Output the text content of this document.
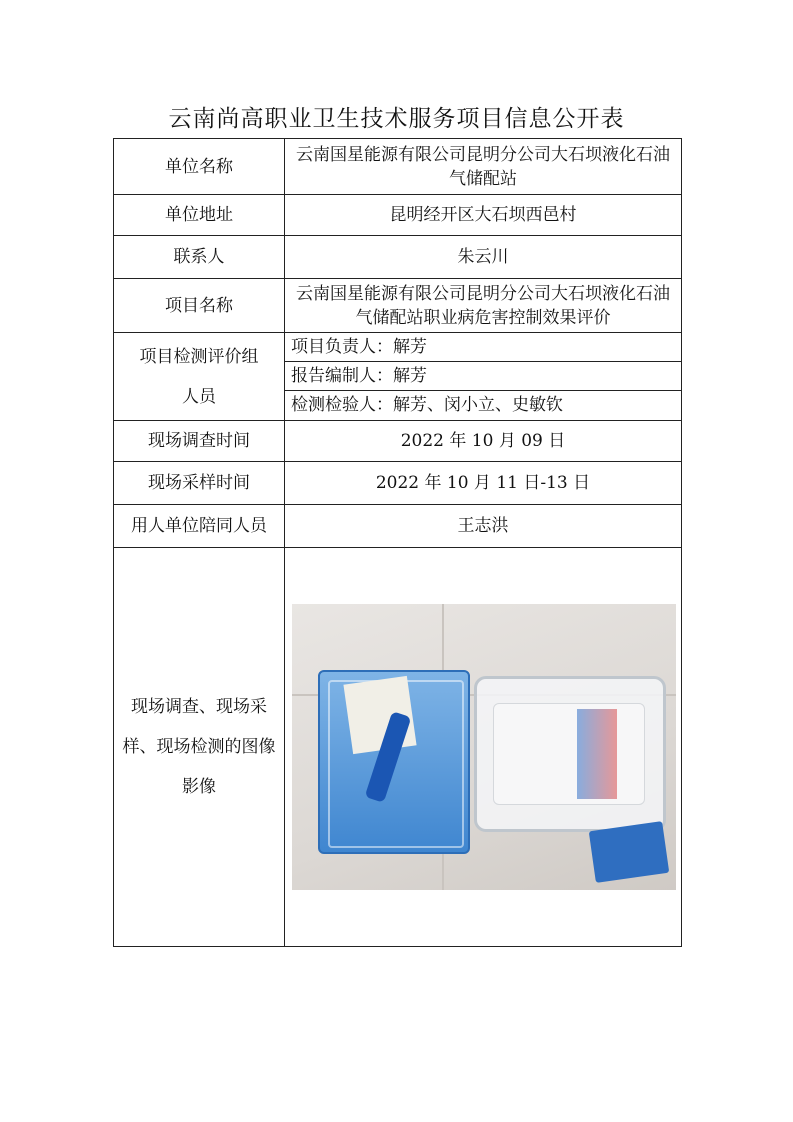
云南尚高职业卫生技术服务项目信息公开表
单位名称	云南国星能源有限公司昆明分公司大石坝液化石油气储配站
单位地址	昆明经开区大石坝西邑村
联系人	朱云川
项目名称	云南国星能源有限公司昆明分公司大石坝液化石油气储配站职业病危害控制效果评价
项目检测评价组人员	项目负责人：解芳
报告编制人：解芳
检测检验人：解芳、闵小立、史敏钦

现场调查时间	2022 年 10 月 09 日
现场采样时间	2022 年 10 月 11 日-13 日
用人单位陪同人员	王志洪
现场调查、现场采样、现场检测的图像影像	
